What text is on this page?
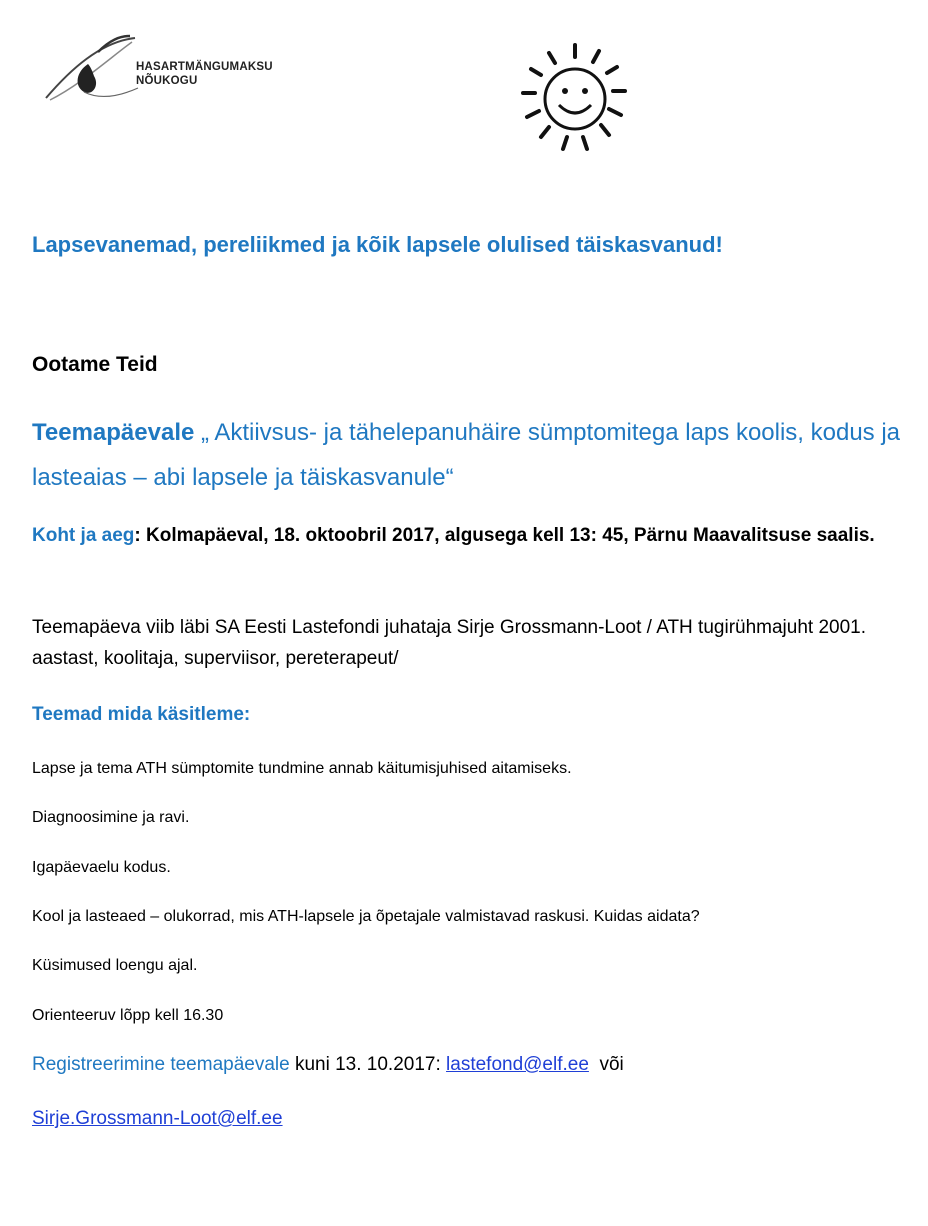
HASARTMÄNGUMAKSU
NÕUKOGU
Lapsevanemad, pereliikmed ja kõik lapsele olulised täiskasvanud!
Ootame Teid
Teemapäevale „ Aktiivsus- ja tähelepanuhäire sümptomitega laps koolis, kodus ja lasteaias – abi lapsele ja täiskasvanule“
Koht ja aeg: Kolmapäeval, 18. oktoobril 2017, algusega kell 13: 45, Pärnu Maavalitsuse saalis.
Teemapäeva viib läbi SA Eesti Lastefondi juhataja Sirje Grossmann-Loot / ATH tugirühmajuht 2001. aastast, koolitaja, superviisor, pereterapeut/
Teemad mida käsitleme:
Lapse ja tema ATH sümptomite tundmine annab käitumisjuhised aitamiseks.
Diagnoosimine ja ravi.
Igapäevaelu kodus.
Kool ja lasteaed – olukorrad, mis ATH-lapsele ja õpetajale valmistavad raskusi. Kuidas aidata?
Küsimused loengu ajal.
Orienteeruv lõpp kell 16.30
Registreerimine teemapäevale kuni 13. 10.2017: lastefond@elf.ee  või
Sirje.Grossmann-Loot@elf.ee
